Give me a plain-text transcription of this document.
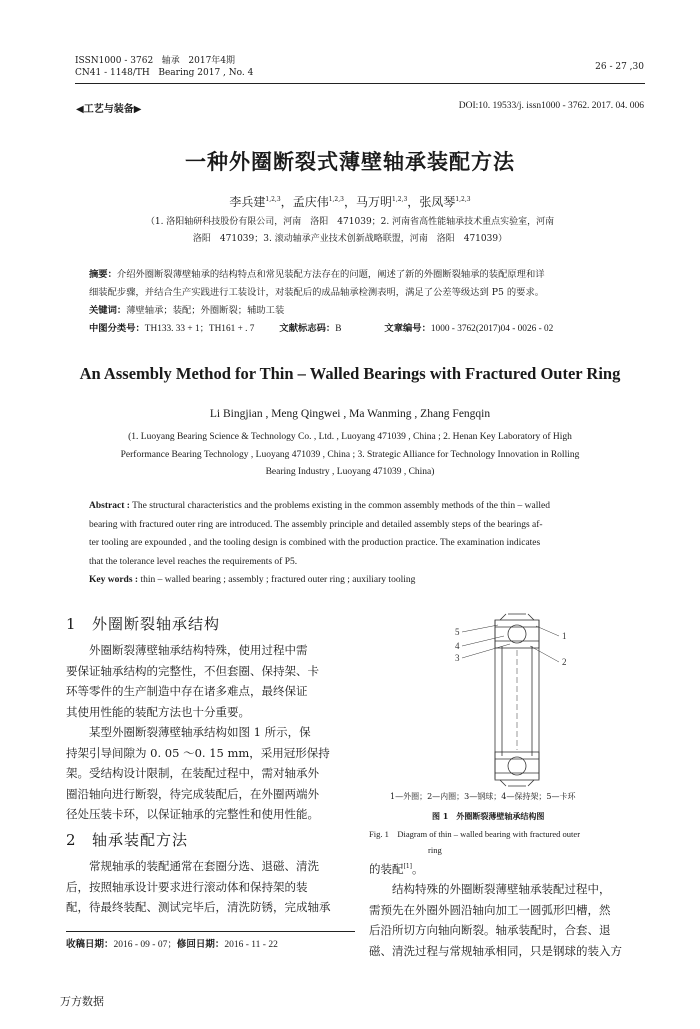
ISSN1000 - 3762 轴承 2017年4期
CN41 - 1148/TH Bearing 2017 , No. 4
26 - 27 ,30
◀工艺与装备▶	DOI:10. 19533/j. issn1000 - 3762. 2017. 04. 006
一种外圈断裂式薄壁轴承装配方法
李兵建$^{1,2,3}$，孟庆伟$^{1,2,3}$，马万明$^{1,2,3}$，张凤琴$^{1,2,3}$
（1. 洛阳轴研科技股份有限公司，河南　洛阳　471039；2. 河南省高性能轴承技术重点实验室，河南
洛阳　471039；3. 滚动轴承产业技术创新战略联盟，河南　洛阳　471039）
摘要：介绍外圈断裂薄壁轴承的结构特点和常见装配方法存在的问题，阐述了新的外圈断裂轴承的装配原理和详
细装配步骤，并结合生产实践进行工装设计，对装配后的成品轴承检测表明，满足了公差等级达到 P5 的要求。
关键词：薄壁轴承；装配；外圈断裂；辅助工装
中图分类号：TH133. 33 + 1；TH161 + . 7	文献标志码：B	文章编号：1000 - 3762(2017)04 - 0026 - 02
An Assembly Method for Thin – Walled Bearings with Fractured Outer Ring
Li Bingjian , Meng Qingwei , Ma Wanming , Zhang Fengqin
(1. Luoyang Bearing Science & Technology Co. , Ltd. , Luoyang 471039 , China ; 2. Henan Key Laboratory of High
Performance Bearing Technology , Luoyang 471039 , China ; 3. Strategic Alliance for Technology Innovation in Rolling
Bearing Industry , Luoyang 471039 , China)
Abstract : The structural characteristics and the problems existing in the common assembly methods of the thin – walled
bearing with fractured outer ring are introduced. The assembly principle and detailed assembly steps of the bearings af-
ter tooling are expounded , and the tooling design is combined with the production practice. The examination indicates
that the tolerance level reaches the requirements of P5.
Key words : thin – walled bearing ; assembly ; fractured outer ring ; auxiliary tooling
1 外圈断裂轴承结构
外圈断裂薄壁轴承结构特殊，使用过程中需
要保证轴承结构的完整性，不但套圈、保持架、卡
环等零件的生产制造中存在诸多难点，最终保证
其使用性能的装配方法也十分重要。
某型外圈断裂薄壁轴承结构如图 1 所示，保
持架引导间隙为 0. 05 ～0. 15 mm，采用冠形保持
架。受结构设计限制，在装配过程中，需对轴承外
圈沿轴向进行断裂，待完成装配后，在外圈两端外
径处压装卡环，以保证轴承的完整性和使用性能。
2 轴承装配方法
常规轴承的装配通常在套圈分选、退磁、清洗
后，按照轴承设计要求进行滚动体和保持架的装
配，待最终装配、测试完毕后，清洗防锈，完成轴承
收稿日期：2016 - 09 - 07；修回日期：2016 - 11 - 22
5
4
3
1
2
1—外圈；2—内圈；3—钢球；4—保持架；5—卡环
图 1　外圈断裂薄壁轴承结构图
Fig. 1　Diagram of thin – walled bearing with fractured outer
ring
的装配[1]。
结构特殊的外圈断裂薄壁轴承装配过程中，
需预先在外圈外圆沿轴向加工一圆弧形凹槽，然
后沿所切方向轴向断裂。轴承装配时，合套、退
磁、清洗过程与常规轴承相同，只是钢球的装入方
万方数据
